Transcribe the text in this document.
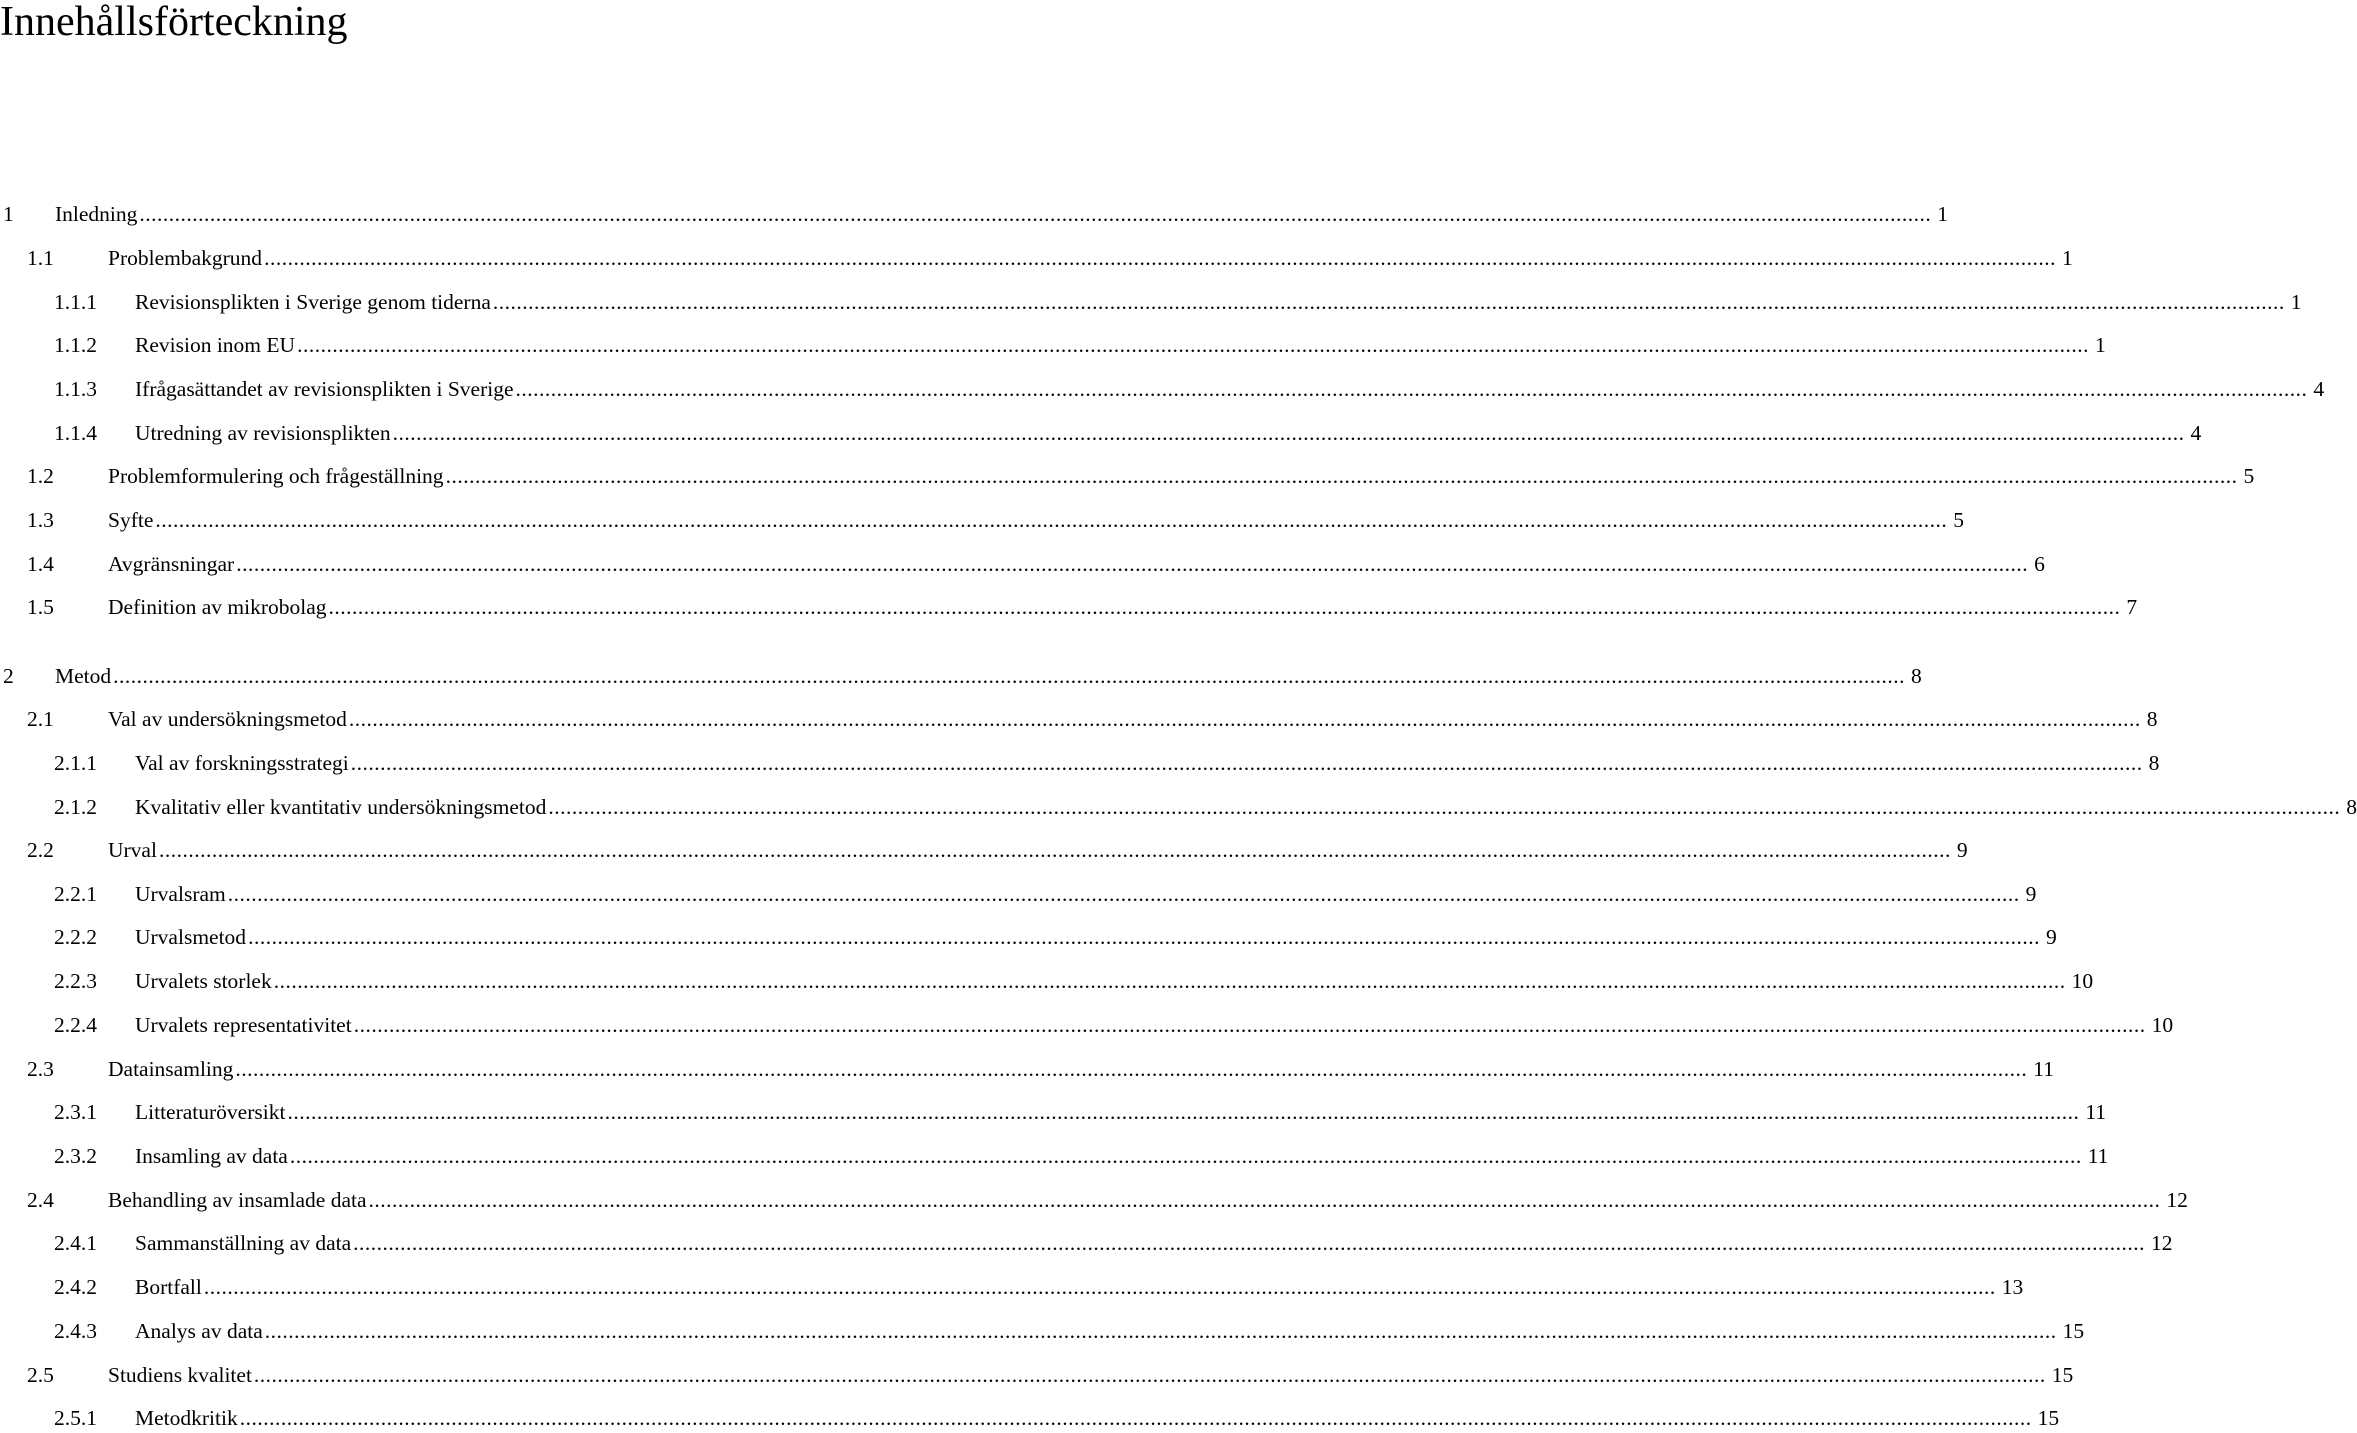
Innehållsförteckning
1	Inledning ................................................................................................................................................................................................................................................................................................................. 1
1.1	Problembakgrund ................................................................................................................................................................................................................................................................................................................. 1
1.1.1	Revisionsplikten i Sverige genom tiderna ................................................................................................................................................................................................................................................................................................................. 1
1.1.2	Revision inom EU ................................................................................................................................................................................................................................................................................................................. 1
1.1.3	Ifrågasättandet av revisionsplikten i Sverige ................................................................................................................................................................................................................................................................................................................. 4
1.1.4	Utredning av revisionsplikten ................................................................................................................................................................................................................................................................................................................. 4
1.2	Problemformulering och frågeställning ................................................................................................................................................................................................................................................................................................................. 5
1.3	Syfte ................................................................................................................................................................................................................................................................................................................. 5
1.4	Avgränsningar ................................................................................................................................................................................................................................................................................................................. 6
1.5	Definition av mikrobolag ................................................................................................................................................................................................................................................................................................................. 7
2	Metod ................................................................................................................................................................................................................................................................................................................. 8
2.1	Val av undersökningsmetod ................................................................................................................................................................................................................................................................................................................. 8
2.1.1	Val av forskningsstrategi ................................................................................................................................................................................................................................................................................................................. 8
2.1.2	Kvalitativ eller kvantitativ undersökningsmetod ................................................................................................................................................................................................................................................................................................................. 8
2.2	Urval ................................................................................................................................................................................................................................................................................................................. 9
2.2.1	Urvalsram ................................................................................................................................................................................................................................................................................................................. 9
2.2.2	Urvalsmetod ................................................................................................................................................................................................................................................................................................................. 9
2.2.3	Urvalets storlek ................................................................................................................................................................................................................................................................................................................. 10
2.2.4	Urvalets representativitet ................................................................................................................................................................................................................................................................................................................. 10
2.3	Datainsamling ................................................................................................................................................................................................................................................................................................................. 11
2.3.1	Litteraturöversikt ................................................................................................................................................................................................................................................................................................................. 11
2.3.2	Insamling av data ................................................................................................................................................................................................................................................................................................................. 11
2.4	Behandling av insamlade data ................................................................................................................................................................................................................................................................................................................. 12
2.4.1	Sammanställning av data ................................................................................................................................................................................................................................................................................................................. 12
2.4.2	Bortfall ................................................................................................................................................................................................................................................................................................................. 13
2.4.3	Analys av data ................................................................................................................................................................................................................................................................................................................. 15
2.5	Studiens kvalitet ................................................................................................................................................................................................................................................................................................................. 15
2.5.1	Metodkritik ................................................................................................................................................................................................................................................................................................................. 15
